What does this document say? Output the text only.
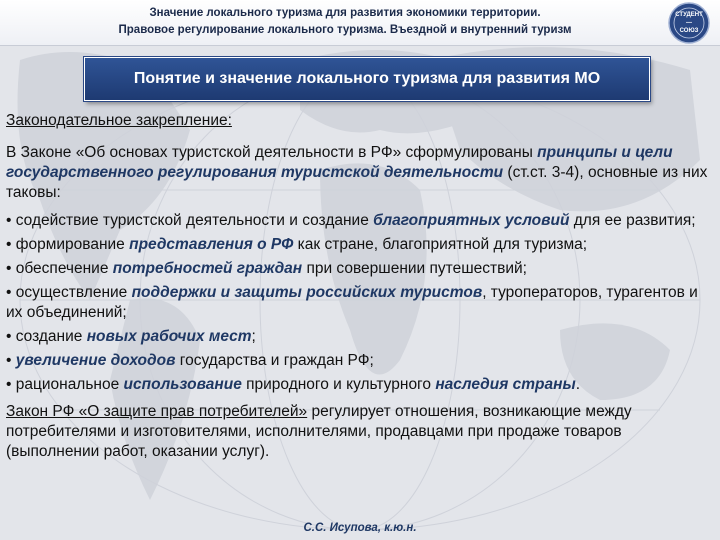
Значение локального туризма для развития экономики территории.
Правовое регулирование локального туризма. Въездной и внутренний туризм
СТУДЕНТ
—
СОЮЗ
Понятие и значение локального туризма для развития МО

Законодательное закрепление:

В Законе «Об основах туристской деятельности в РФ» сформулированы принципы и цели государственного регулирования туристской деятельности (ст.ст. 3-4), основные из них таковы:

• содействие туристской деятельности и создание благоприятных условий для ее развития;
• формирование представления о РФ как стране, благоприятной для туризма;
• обеспечение потребностей граждан при совершении путешествий;
• осуществление поддержки и защиты российских туристов, туроператоров, турагентов и их объединений;
• создание новых рабочих мест;
• увеличение доходов государства и граждан РФ;
• рациональное использование природного и культурного наследия страны.

Закон РФ «О защите прав потребителей» регулирует отношения, возникающие между потребителями и изготовителями, исполнителями, продавцами при продаже товаров (выполнении работ, оказании услуг).

С.С. Исупова, к.ю.н.
